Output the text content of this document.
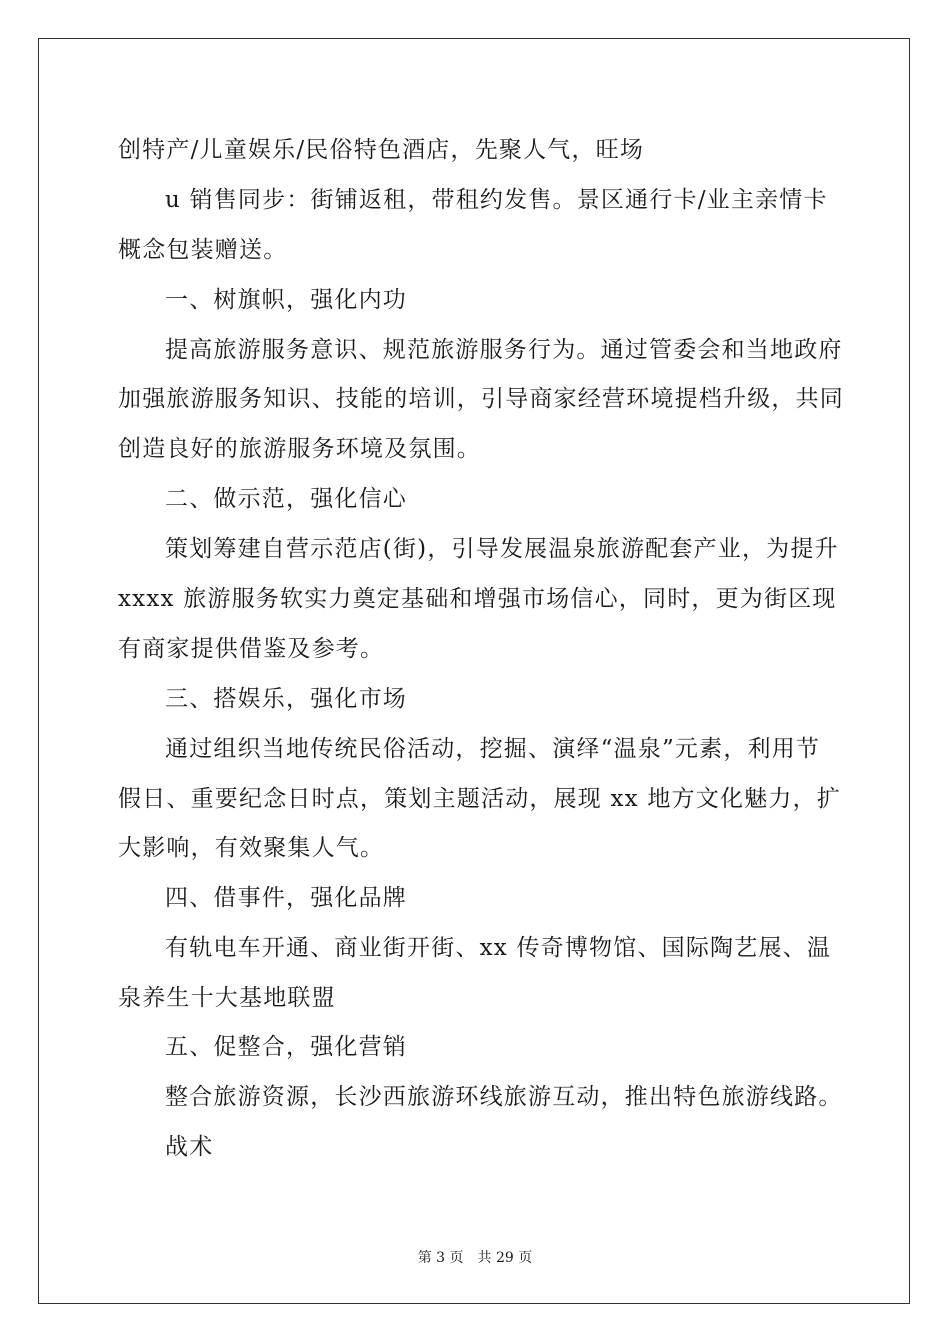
创特产/儿童娱乐/民俗特色酒店，先聚人气，旺场
u 销售同步：街铺返租，带租约发售。景区通行卡/业主亲情卡
概念包装赠送。
一、树旗帜，强化内功
提高旅游服务意识、规范旅游服务行为。通过管委会和当地政府
加强旅游服务知识、技能的培训，引导商家经营环境提档升级，共同
创造良好的旅游服务环境及氛围。
二、做示范，强化信心
策划筹建自营示范店(街)，引导发展温泉旅游配套产业，为提升
xxxx 旅游服务软实力奠定基础和增强市场信心，同时，更为街区现
有商家提供借鉴及参考。
三、搭娱乐，强化市场
通过组织当地传统民俗活动，挖掘、演绎“温泉”元素，利用节
假日、重要纪念日时点，策划主题活动，展现 xx 地方文化魅力，扩
大影响，有效聚集人气。
四、借事件，强化品牌
有轨电车开通、商业街开街、xx 传奇博物馆、国际陶艺展、温
泉养生十大基地联盟
五、促整合，强化营销
整合旅游资源，长沙西旅游环线旅游互动，推出特色旅游线路。
战术
第 3 页 共 29 页
